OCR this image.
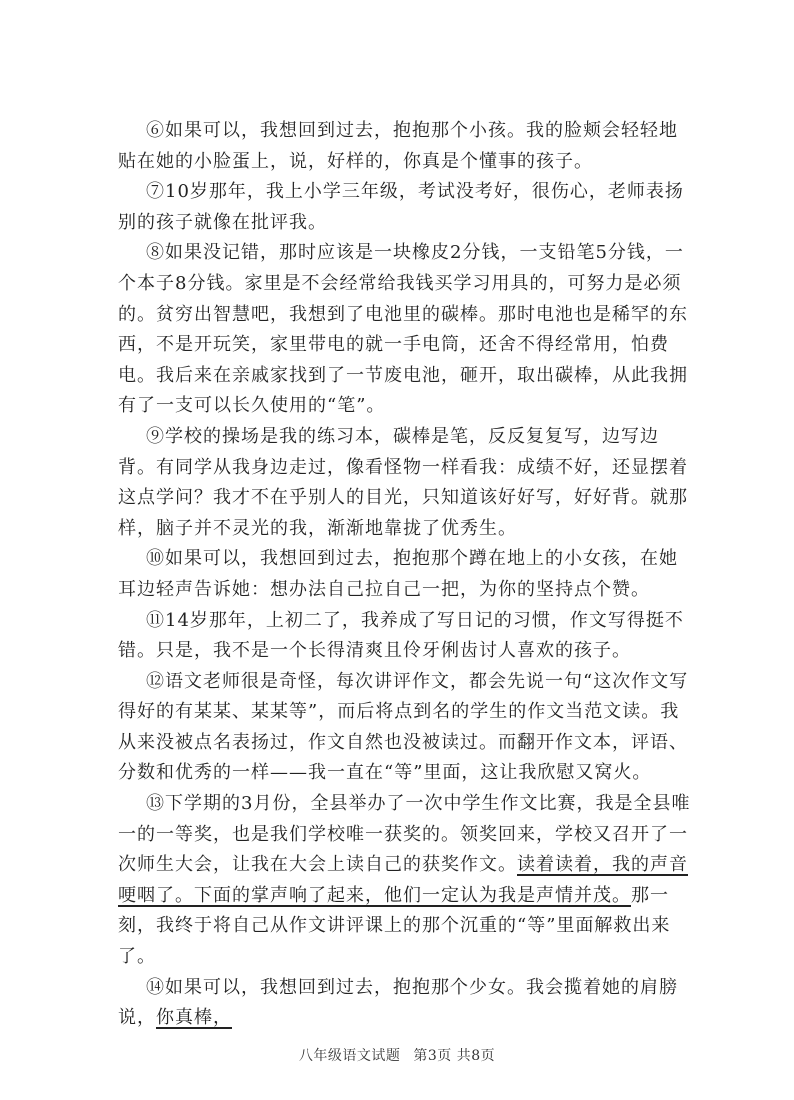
⑥如果可以，我想回到过去，抱抱那个小孩。我的脸颊会轻轻地贴在她的小脸蛋上，说，好样的，你真是个懂事的孩子。

⑦10岁那年，我上小学三年级，考试没考好，很伤心，老师表扬别的孩子就像在批评我。

⑧如果没记错，那时应该是一块橡皮2分钱，一支铅笔5分钱，一个本子8分钱。家里是不会经常给我钱买学习用具的，可努力是必须的。贫穷出智慧吧，我想到了电池里的碳棒。那时电池也是稀罕的东西，不是开玩笑，家里带电的就一手电筒，还舍不得经常用，怕费电。我后来在亲戚家找到了一节废电池，砸开，取出碳棒，从此我拥有了一支可以长久使用的“笔”。

⑨学校的操场是我的练习本，碳棒是笔，反反复复写，边写边背。有同学从我身边走过，像看怪物一样看我：成绩不好，还显摆着这点学问？我才不在乎别人的目光，只知道该好好写，好好背。就那样，脑子并不灵光的我，渐渐地靠拢了优秀生。

⑩如果可以，我想回到过去，抱抱那个蹲在地上的小女孩，在她耳边轻声告诉她：想办法自己拉自己一把，为你的坚持点个赞。

⑪14岁那年，上初二了，我养成了写日记的习惯，作文写得挺不错。只是，我不是一个长得清爽且伶牙俐齿讨人喜欢的孩子。

⑫语文老师很是奇怪，每次讲评作文，都会先说一句“这次作文写得好的有某某、某某等”，而后将点到名的学生的作文当范文读。我从来没被点名表扬过，作文自然也没被读过。而翻开作文本，评语、分数和优秀的一样——我一直在“等”里面，这让我欣慰又窝火。

⑬下学期的3月份，全县举办了一次中学生作文比赛，我是全县唯一的一等奖，也是我们学校唯一获奖的。领奖回来，学校又召开了一次师生大会，让我在大会上读自己的获奖作文。读着读着，我的声音哽咽了。下面的掌声响了起来，他们一定认为我是声情并茂。那一刻，我终于将自己从作文讲评课上的那个沉重的“等”里面解救出来了。

⑭如果可以，我想回到过去，抱抱那个少女。我会揽着她的肩膀说，你真棒，

八年级语文试题 第3页 共8页
